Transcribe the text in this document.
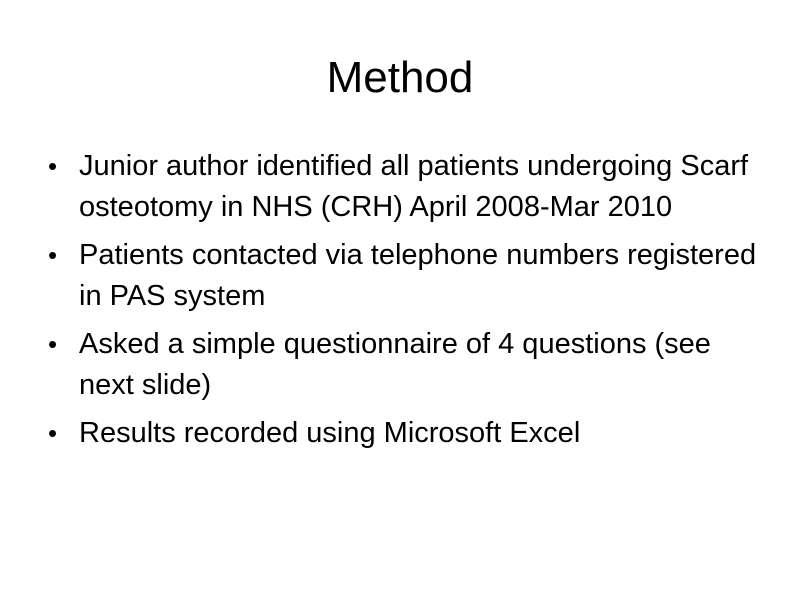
Method
• Junior author identified all patients undergoing Scarf osteotomy in NHS (CRH) April 2008-Mar 2010
• Patients contacted via telephone numbers registered in PAS system
• Asked a simple questionnaire of 4 questions (see next slide)
• Results recorded using Microsoft Excel
